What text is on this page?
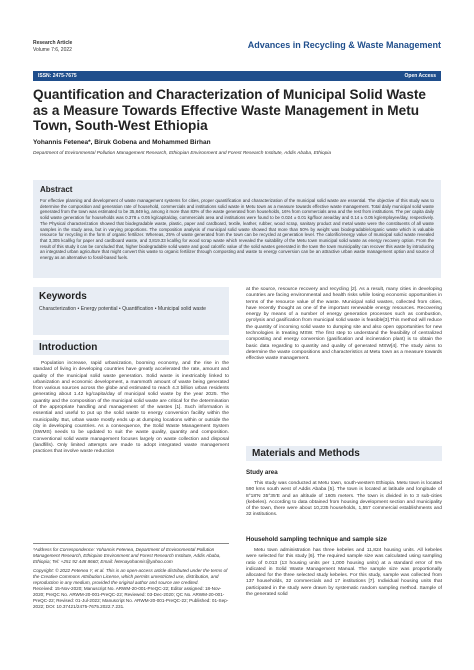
Research Article
Volume 7:6, 2022	Advances in Recycling & Waste Management
ISSN: 2475-7675	Open Access
Quantification and Characterization of Municipal Solid Waste as a Measure Towards Effective Waste Management in Metu Town, South-West Ethiopia
Yohannis Fetenea*, Biruk Gobena and Mohammed Birhan
Department of Environmental Pollution Management Research, Ethiopian Environment and Forest Research Institute, Addis Ababa, Ethiopia
Abstract

For effective planning and development of waste management systems for cities, proper quantification and characterization of the municipal solid waste are essential. The objective of this study was to determine the composition and generation rate of household, commercials and institutions solid waste in Metu town as a measure towards effective waste management. Total daily municipal solid waste generated from the town was estimated to be 35,849 kg, among it more than 83% of the waste generated from households, 16% from commercials area and the rest from institutions. The per capita daily solid waste generation for households was 0.378 ± 0.05 kg/capita/day, commercials area and institutions were found to be 0.024 ± 0.01 kg/floor area/day and 0.14 ± 0.05 kg/employee/day, respectively. The Physical characterization showed that biodegradable waste, plastic, paper and cardboard, textile, leather, rubber, wood scrap, sanitary product and metal waste were the constituents of all waste samples in the study area, but in varying proportions. The composition analysis of municipal solid waste showed that more than 50% by weight was biodegradable/organic waste which is valuable resource for recycling in the form of organic fertilizer. Whereas, 25% of waste generated from the town can be recycled at generation level. The calorific/energy value of municipal solid waste revealed that 3,305 kcal/kg for paper and cardboard waste, and 3,819.33 kcal/kg for wood scrap waste which revealed the suitability of the Metu town municipal solid waste as energy recovery option. From the result of this study it can be concluded that, higher biodegradable solid waste and good calorific value of the solid wastes generated in the town the town municipality can recover this waste by introducing an integrated urban agriculture that might convert this waste to organic fertilizer through composting and waste to energy conversion can be an attractive urban waste management option and source of energy as an alternative to fossil-based fuels.

Keywords

Characterization • Energy potential • Quantification • Municipal solid waste

Introduction

Population increase, rapid urbanization, booming economy, and the rise in the standard of living in developing countries have greatly accelerated the rate, amount and quality of the municipal solid waste generation. Solid waste is inextricably linked to urbanization and economic development, a mammoth amount of waste being generated from various sources across the globe and estimated to reach 4.3 billion urban residents generating about 1.42 kg/capita/day of municipal solid waste by the year 2025. The quantity and the composition of the municipal solid waste are critical for the determination of the appropriate handling and management of the wastes [1]. Such information is essential and useful to put up the solid waste to energy conversion facility within the municipality. But, urban waste mostly ends up at dumping locations within or outside the city in developing countries. As a consequence, the Solid Waste Management System (SWMS) needs to be updated to suit the waste quality, quantity and composition. Conventional solid waste management focuses largely on waste collection and disposal (landfills). Only limited attempts are made to adopt integrated waste management practices that involve waste reduction

*Address for Correspondence: Yohannis Fetenea, Department of Environmental Pollution Management Research, Ethiopian Environment and Forest Research Institute, Addis Ababa, Ethiopia; Tel: +251 92 448 8660; Email: fetenayohannis@yahoo.com

Copyright: © 2022 Fetenea Y, et al. This is an open-access article distributed under the terms of the Creative Commons Attribution License, which permits unrestricted use, distribution, and reproduction in any medium, provided the original author and source are credited.

Received: 15-Nov-2020; Manuscript No. ARWM-20-001-PreQC-22; Editor assigned: 18-Nov-2020; PreQC No. ARWM-20-001-PreQC-22; Reviewed: 03-Dec-2020; QC No. ARWM-20-001-PreQC-22; Revised: 01-Jul-2022; Manuscript No. ARWM-20-001-PreQC-22; Published: 01-Sep-2022; DOI: 10.37421/2475-7675.2022.7.231.

at the source, resource recovery and recycling [2]. As a result, many cities in developing countries are facing environmental and health risks while losing economic opportunities in terms of the resource value of the waste. Municipal solid wastes, collected from cities, have recently thought as one of the important renewable energy resources. Recovering energy by means of a number of energy generation processes such as combustion, pyrolysis and gasification from municipal solid waste is feasible[3].This method will reduce the quantity of incoming solid waste to dumping site and also open opportunities for new technologies in treating MSW. The first step to understand the feasibility of centralized composting and energy conversion (gasification and incineration plant) is to obtain the basic data regarding to quantity and quality of generated MSW[4]. The study aims to determine the waste compositions and characteristics at Metu town as a measure towards effective waste management.

Materials and Methods
Study area

This study was conducted at Metu town, south-western Ethiopia. Metu town is located 590 kms south west of Addis Ababa [5]. The town is located at latitude and longitude of 8°18'N 35°35'E and an altitude of 1605 meters. The town is divided in to 3 sub-cities (kebeles). According to data obtained from housing development section and municipality of the town, there were about 10,235 households, 1,557 commercial establishments and 32 institutions.

Household sampling technique and sample size

Metu town administration has three kebeles and 11,824 housing units. All kebeles were selected for this study [6]. The required sample size was calculated using sampling ratio of 0.013 (13 housing units per 1,000 housing units) at a standard error of 5% indicated in Solid Waste Management Manual. The sample size was proportionally allocated for the three selected study kebeles. For this study, sample was collected from 137 households, 32 commercials and 17 institutions [7]. Individual housing units that participated in the study were drawn by systematic random sampling method. Sample of the generated solid
